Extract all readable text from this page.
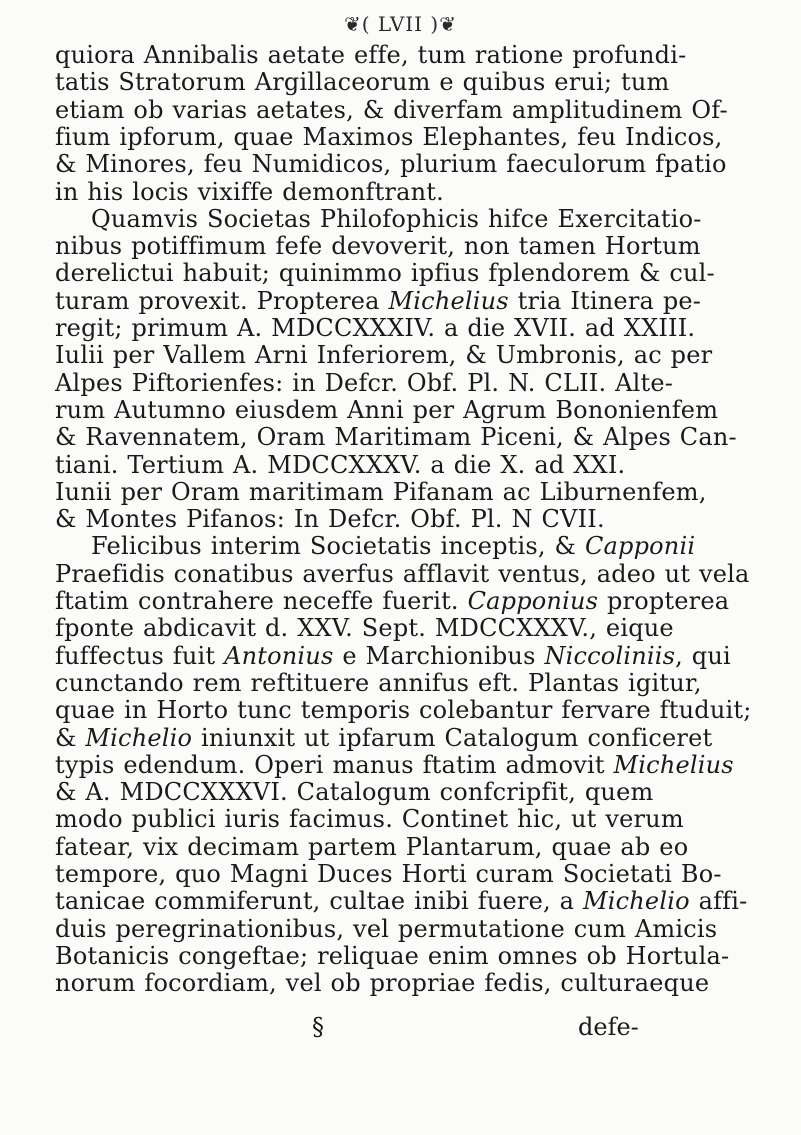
❦( LVII )❦
quiora Annibalis aetate effe, tum ratione profundi-
tatis Stratorum Argillaceorum e quibus erui; tum
etiam ob varias aetates, & diverfam amplitudinem Of-
fium ipforum, quae Maximos Elephantes, feu Indicos,
& Minores, feu Numidicos, plurium faeculorum fpatio
in his locis vixiffe demonftrant.
Quamvis Societas Philofophicis hifce Exercitatio-
nibus potiffimum fefe devoverit, non tamen Hortum
derelictui habuit; quinimmo ipfius fplendorem & cul-
turam provexit. Propterea Michelius tria Itinera pe-
regit; primum A. MDCCXXXIV. a die XVII. ad XXIII.
Iulii per Vallem Arni Inferiorem, & Umbronis, ac per
Alpes Piftorienfes: in Defcr. Obf. Pl. N. CLII. Alte-
rum Autumno eiusdem Anni per Agrum Bononienfem
& Ravennatem, Oram Maritimam Piceni, & Alpes Can-
tiani. Tertium A. MDCCXXXV. a die X. ad XXI.
Iunii per Oram maritimam Pifanam ac Liburnenfem,
& Montes Pifanos: In Defcr. Obf. Pl. N CVII.
Felicibus interim Societatis inceptis, & Capponii
Praefidis conatibus averfus afflavit ventus, adeo ut vela
ftatim contrahere neceffe fuerit. Capponius propterea
fponte abdicavit d. XXV. Sept. MDCCXXXV., eique
fuffectus fuit Antonius e Marchionibus Niccoliniis, qui
cunctando rem reftituere annifus eft. Plantas igitur,
quae in Horto tunc temporis colebantur fervare ftuduit;
& Michelio iniunxit ut ipfarum Catalogum conficeret
typis edendum. Operi manus ftatim admovit Michelius
& A. MDCCXXXVI. Catalogum confcripfit, quem
modo publici iuris facimus. Continet hic, ut verum
fatear, vix decimam partem Plantarum, quae ab eo
tempore, quo Magni Duces Horti curam Societati Bo-
tanicae commiferunt, cultae inibi fuere, a Michelio affi-
duis peregrinationibus, vel permutatione cum Amicis
Botanicis congeftae; reliquae enim omnes ob Hortula-
norum focordiam, vel ob propriae fedis, culturaeque
§	defe-
